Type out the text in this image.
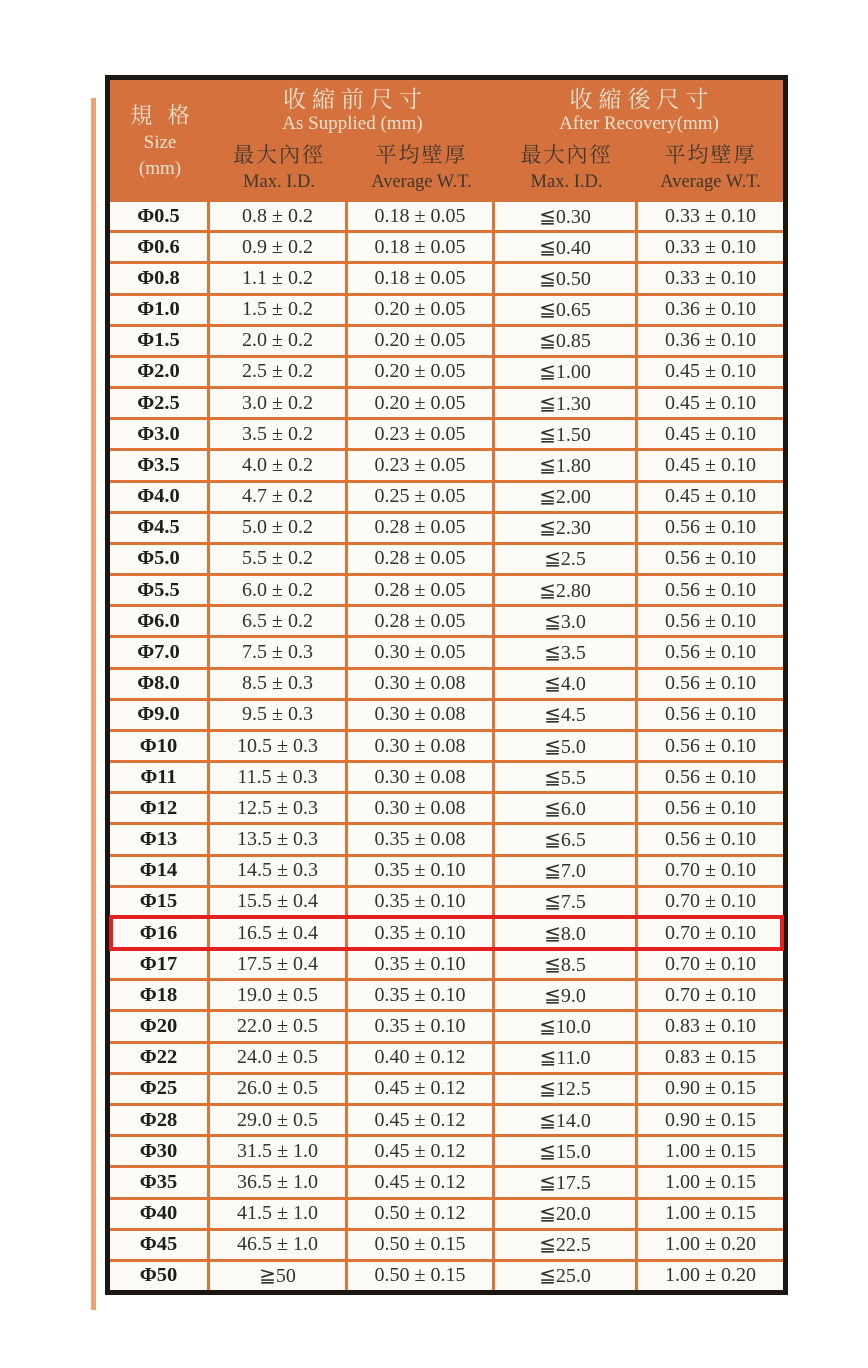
規 格
Size
(mm)
收縮前尺寸
As Supplied (mm)
收縮後尺寸
After Recovery(mm)
最大內徑	平均壁厚	最大內徑	平均壁厚
Max. I.D.	Average W.T.	Max. I.D.	Average W.T.
Φ0.5	0.8 ± 0.2	0.18 ± 0.05	≦0.30	0.33 ± 0.10
Φ0.6	0.9 ± 0.2	0.18 ± 0.05	≦0.40	0.33 ± 0.10
Φ0.8	1.1 ± 0.2	0.18 ± 0.05	≦0.50	0.33 ± 0.10
Φ1.0	1.5 ± 0.2	0.20 ± 0.05	≦0.65	0.36 ± 0.10
Φ1.5	2.0 ± 0.2	0.20 ± 0.05	≦0.85	0.36 ± 0.10
Φ2.0	2.5 ± 0.2	0.20 ± 0.05	≦1.00	0.45 ± 0.10
Φ2.5	3.0 ± 0.2	0.20 ± 0.05	≦1.30	0.45 ± 0.10
Φ3.0	3.5 ± 0.2	0.23 ± 0.05	≦1.50	0.45 ± 0.10
Φ3.5	4.0 ± 0.2	0.23 ± 0.05	≦1.80	0.45 ± 0.10
Φ4.0	4.7 ± 0.2	0.25 ± 0.05	≦2.00	0.45 ± 0.10
Φ4.5	5.0 ± 0.2	0.28 ± 0.05	≦2.30	0.56 ± 0.10
Φ5.0	5.5 ± 0.2	0.28 ± 0.05	≦2.5	0.56 ± 0.10
Φ5.5	6.0 ± 0.2	0.28 ± 0.05	≦2.80	0.56 ± 0.10
Φ6.0	6.5 ± 0.2	0.28 ± 0.05	≦3.0	0.56 ± 0.10
Φ7.0	7.5 ± 0.3	0.30 ± 0.05	≦3.5	0.56 ± 0.10
Φ8.0	8.5 ± 0.3	0.30 ± 0.08	≦4.0	0.56 ± 0.10
Φ9.0	9.5 ± 0.3	0.30 ± 0.08	≦4.5	0.56 ± 0.10
Φ10	10.5 ± 0.3	0.30 ± 0.08	≦5.0	0.56 ± 0.10
Φ11	11.5 ± 0.3	0.30 ± 0.08	≦5.5	0.56 ± 0.10
Φ12	12.5 ± 0.3	0.30 ± 0.08	≦6.0	0.56 ± 0.10
Φ13	13.5 ± 0.3	0.35 ± 0.08	≦6.5	0.56 ± 0.10
Φ14	14.5 ± 0.3	0.35 ± 0.10	≦7.0	0.70 ± 0.10
Φ15	15.5 ± 0.4	0.35 ± 0.10	≦7.5	0.70 ± 0.10
Φ16	16.5 ± 0.4	0.35 ± 0.10	≦8.0	0.70 ± 0.10
Φ17	17.5 ± 0.4	0.35 ± 0.10	≦8.5	0.70 ± 0.10
Φ18	19.0 ± 0.5	0.35 ± 0.10	≦9.0	0.70 ± 0.10
Φ20	22.0 ± 0.5	0.35 ± 0.10	≦10.0	0.83 ± 0.10
Φ22	24.0 ± 0.5	0.40 ± 0.12	≦11.0	0.83 ± 0.15
Φ25	26.0 ± 0.5	0.45 ± 0.12	≦12.5	0.90 ± 0.15
Φ28	29.0 ± 0.5	0.45 ± 0.12	≦14.0	0.90 ± 0.15
Φ30	31.5 ± 1.0	0.45 ± 0.12	≦15.0	1.00 ± 0.15
Φ35	36.5 ± 1.0	0.45 ± 0.12	≦17.5	1.00 ± 0.15
Φ40	41.5 ± 1.0	0.50 ± 0.12	≦20.0	1.00 ± 0.15
Φ45	46.5 ± 1.0	0.50 ± 0.15	≦22.5	1.00 ± 0.20
Φ50	≧50	0.50 ± 0.15	≦25.0	1.00 ± 0.20
